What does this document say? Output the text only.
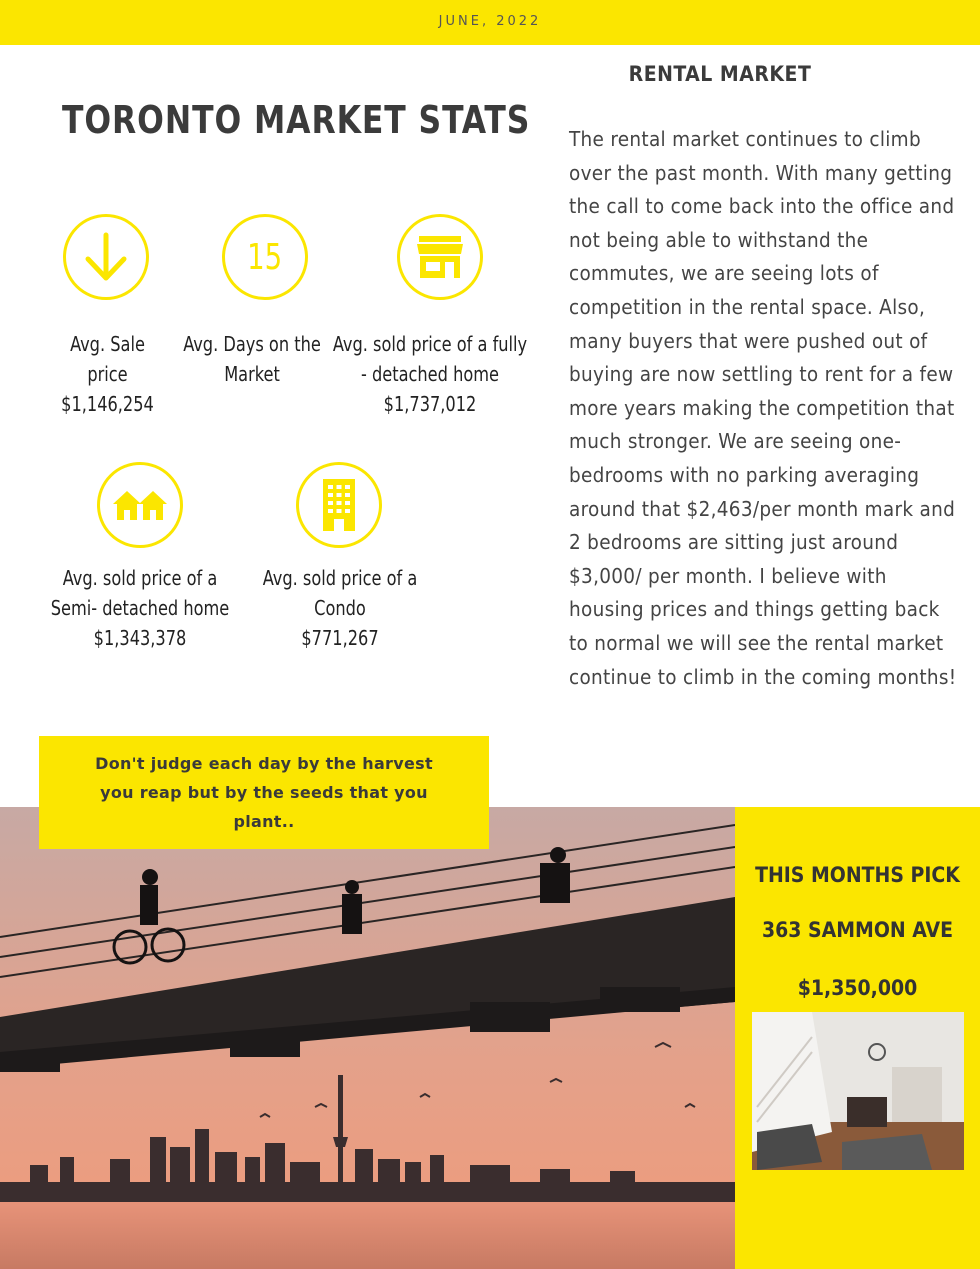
JUNE, 2022
TORONTO MARKET STATS
Avg. Sale
price
$1,146,254
15
Avg. Days on the
Market
Avg. sold price of a fully
- detached home
$1,737,012
Avg. sold price of a
Semi- detached home
$1,343,378
Avg. sold price of a
Condo
$771,267
RENTAL MARKET

The rental market continues to climb over the past month. With many getting the call to come back into the office and not being able to withstand the commutes, we are seeing lots of competition in the rental space. Also, many buyers that were pushed out of buying are now settling to rent for a few more years making the competition that much stronger. We are seeing one-bedrooms with no parking averaging around that $2,463/per month mark and 2 bedrooms are sitting just around $3,000/ per month. I believe with housing prices and things getting back to normal we will see the rental market continue to climb in the coming months!

Don't judge each day by the harvest you reap but by the seeds that you plant..
THIS MONTHS PICK
363 SAMMON AVE
$1,350,000
